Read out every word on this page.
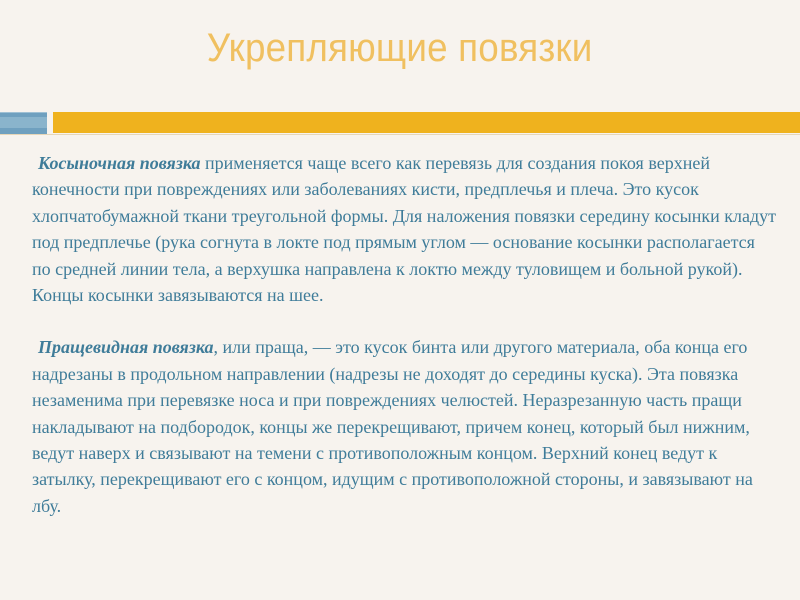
Укрепляющие повязки

Косыночная повязка применяется чаще всего как перевязь для создания покоя верхней конечности при повреждениях или заболеваниях кисти, предплечья и плеча. Это кусок хлопчатобумажной ткани треугольной формы. Для наложения повязки середину косынки кладут под предплечье (рука согнута в локте под прямым углом — основание косынки располагается по средней линии тела, а верхушка направлена к локтю между туловищем и больной рукой). Концы косынки завязываются на шее.

Пращевидная повязка, или праща, — это кусок бинта или другого материала, оба конца его надрезаны в продольном направлении (надрезы не доходят до середины куска). Эта повязка незаменима при перевязке носа и при повреждениях челюстей. Неразрезанную часть пращи накладывают на подбородок, концы же перекрещивают, причем конец, который был нижним, ведут наверх и связывают на темени с противоположным концом. Верхний конец ведут к затылку, перекрещивают его с концом, идущим с противоположной стороны, и завязывают на лбу.
